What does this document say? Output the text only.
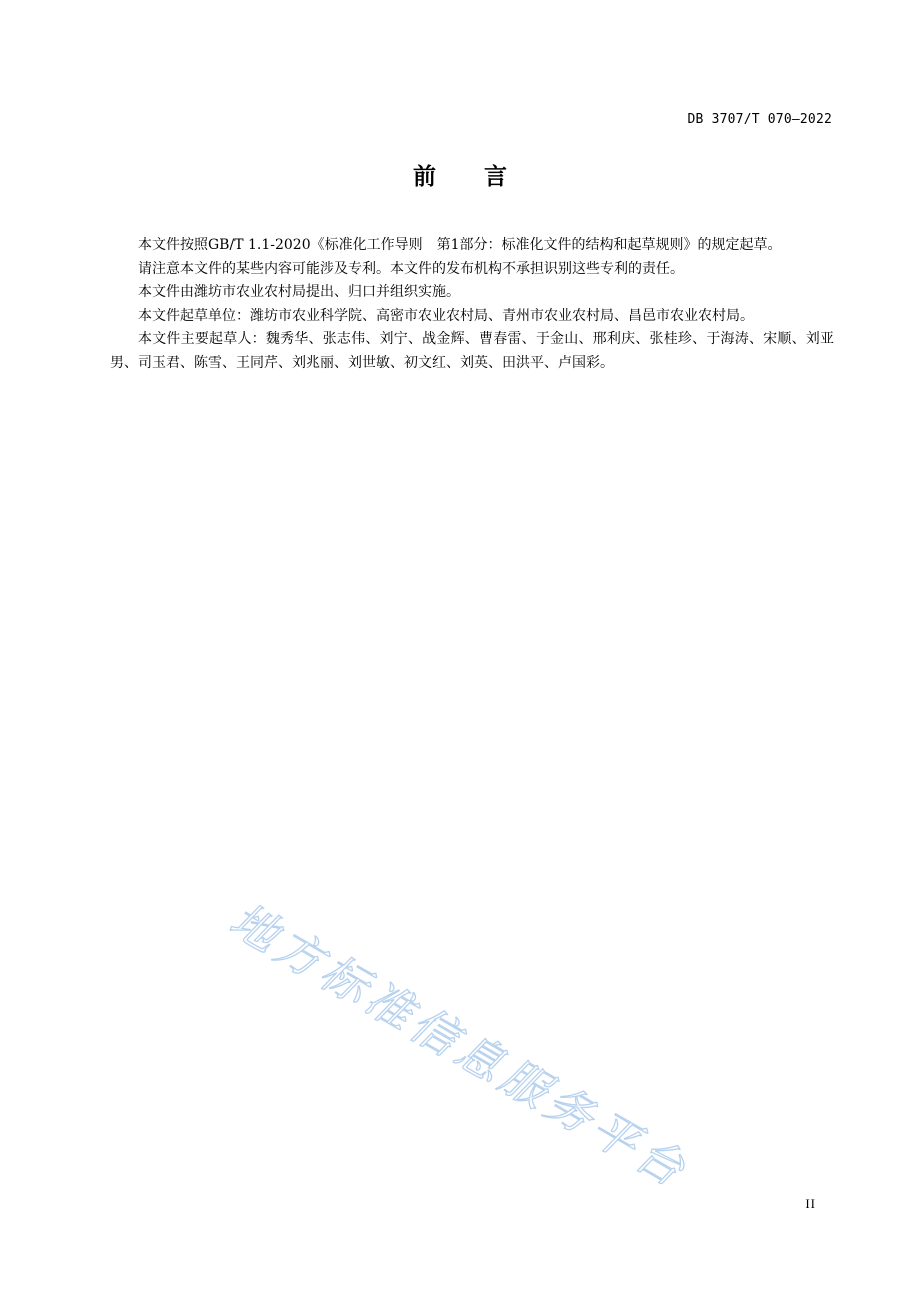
DB 3707/T 070—2022
前言

本文件按照GB/T 1.1-2020《标准化工作导则　第1部分：标准化文件的结构和起草规则》的规定起草。

请注意本文件的某些内容可能涉及专利。本文件的发布机构不承担识别这些专利的责任。

本文件由潍坊市农业农村局提出、归口并组织实施。

本文件起草单位：潍坊市农业科学院、高密市农业农村局、青州市农业农村局、昌邑市农业农村局。

本文件主要起草人：魏秀华、张志伟、刘宁、战金辉、曹春雷、于金山、邢利庆、张桂珍、于海涛、宋顺、刘亚男、司玉君、陈雪、王同芹、刘兆丽、刘世敏、初文红、刘英、田洪平、卢国彩。

地方标准信息服务平台
II
